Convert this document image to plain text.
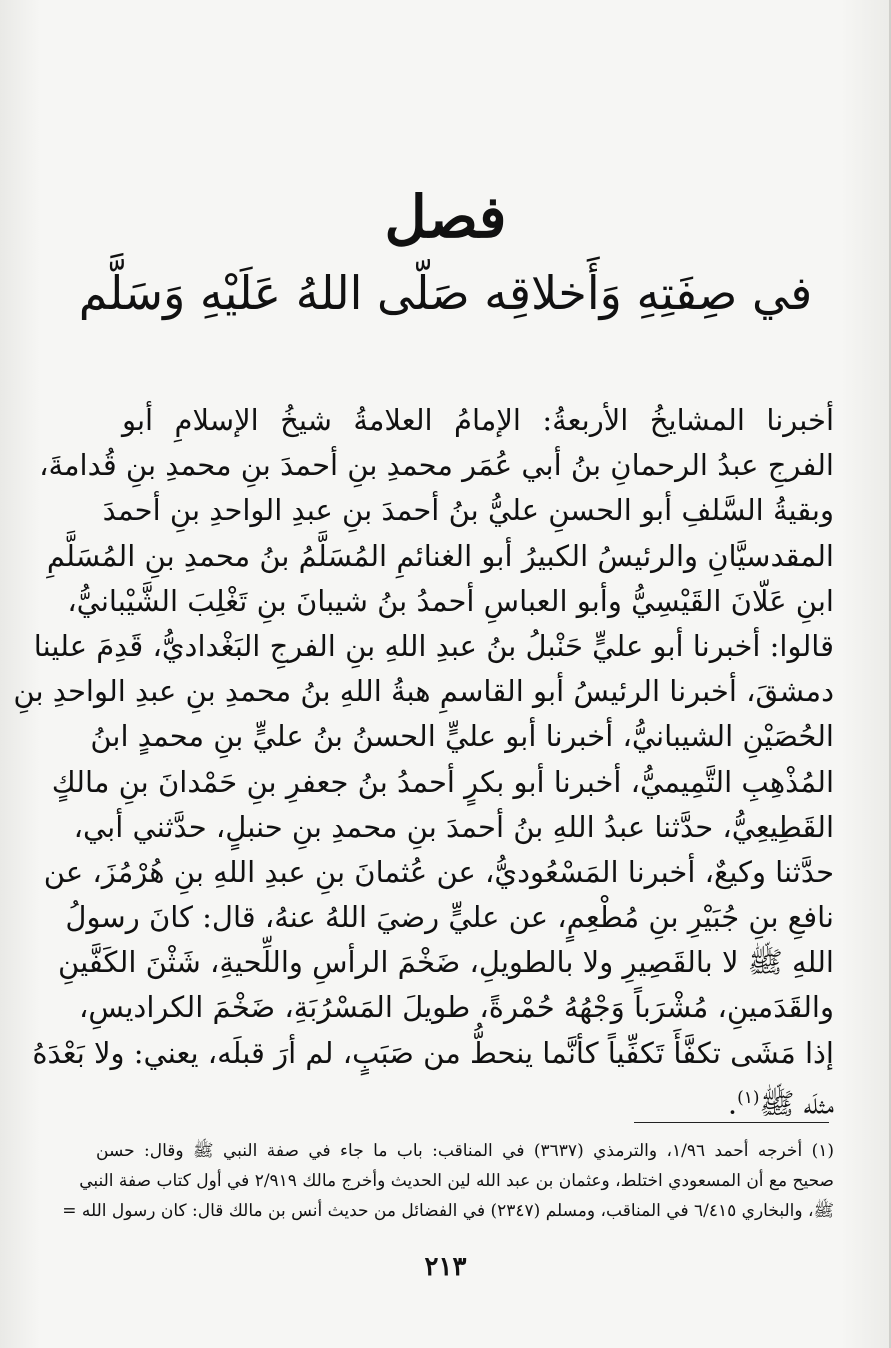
فصل
في صِفَتِهِ وَأَخلاقِه صَلّى اللهُ عَلَيْهِ وَسَلَّم
أخبرنا المشايخُ الأربعةُ: الإمامُ العلامةُ شيخُ الإسلامِ أبو
الفرجِ عبدُ الرحمانِ بنُ أبي عُمَر محمدِ بنِ أحمدَ بنِ محمدِ بنِ قُدامةَ،
وبقيةُ السَّلفِ أبو الحسنِ عليُّ بنُ أحمدَ بنِ عبدِ الواحدِ بنِ أحمدَ
المقدسيَّانِ والرئيسُ الكبيرُ أبو الغنائمِ المُسَلَّمُ بنُ محمدِ بنِ المُسَلَّمِ
ابنِ عَلّانَ القَيْسِيُّ وأبو العباسِ أحمدُ بنُ شيبانَ بنِ تَغْلِبَ الشَّيْبانيُّ،
قالوا: أخبرنا أبو عليٍّ حَنْبلُ بنُ عبدِ اللهِ بنِ الفرجِ البَغْداديُّ، قَدِمَ علينا
دمشقَ، أخبرنا الرئيسُ أبو القاسمِ هبةُ اللهِ بنُ محمدِ بنِ عبدِ الواحدِ بنِ
الحُصَيْنِ الشيبانيُّ، أخبرنا أبو عليٍّ الحسنُ بنُ عليٍّ بنِ محمدٍ ابنُ
المُذْهِبِ التَّمِيميُّ، أخبرنا أبو بكرٍ أحمدُ بنُ جعفرِ بنِ حَمْدانَ بنِ مالكٍ
القَطِيعِيُّ، حدَّثنا عبدُ اللهِ بنُ أحمدَ بنِ محمدِ بنِ حنبلٍ، حدَّثني أبي،
حدَّثنا وكيعٌ، أخبرنا المَسْعُوديُّ، عن عُثمانَ بنِ عبدِ اللهِ بنِ هُرْمُزَ، عن
نافعِ بنِ جُبَيْرِ بنِ مُطْعِمٍ، عن عليٍّ رضيَ اللهُ عنهُ، قال: كانَ رسولُ
اللهِ ﷺ لا بالقَصِيرِ ولا بالطويلِ، ضَخْمَ الرأسِ واللِّحيةِ، شَثْنَ الكَفَّينِ
والقَدَمينِ، مُشْرَباً وَجْهُهُ حُمْرةً، طويلَ المَسْرُبَةِ، ضَخْمَ الكراديسِ،
إذا مَشَى تكفَّأَ تَكفِّياً كأنَّما ينحطُّ من صَبَبٍ، لم أرَ قبلَه، يعني: ولا بَعْدَهُ
مثلَه ﷺ$^{(١)}$.
(١) أخرجه أحمد ١/٩٦، والترمذي (٣٦٣٧) في المناقب: باب ما جاء في صفة النبي ﷺ وقال: حسن
صحيح مع أن المسعودي اختلط، وعثمان بن عبد الله لين الحديث وأخرج مالك ٢/٩١٩ في أول كتاب صفة النبي
ﷺ، والبخاري ٦/٤١٥ في المناقب، ومسلم (٢٣٤٧) في الفضائل من حديث أنس بن مالك قال: كان رسول الله =
٢١٣
